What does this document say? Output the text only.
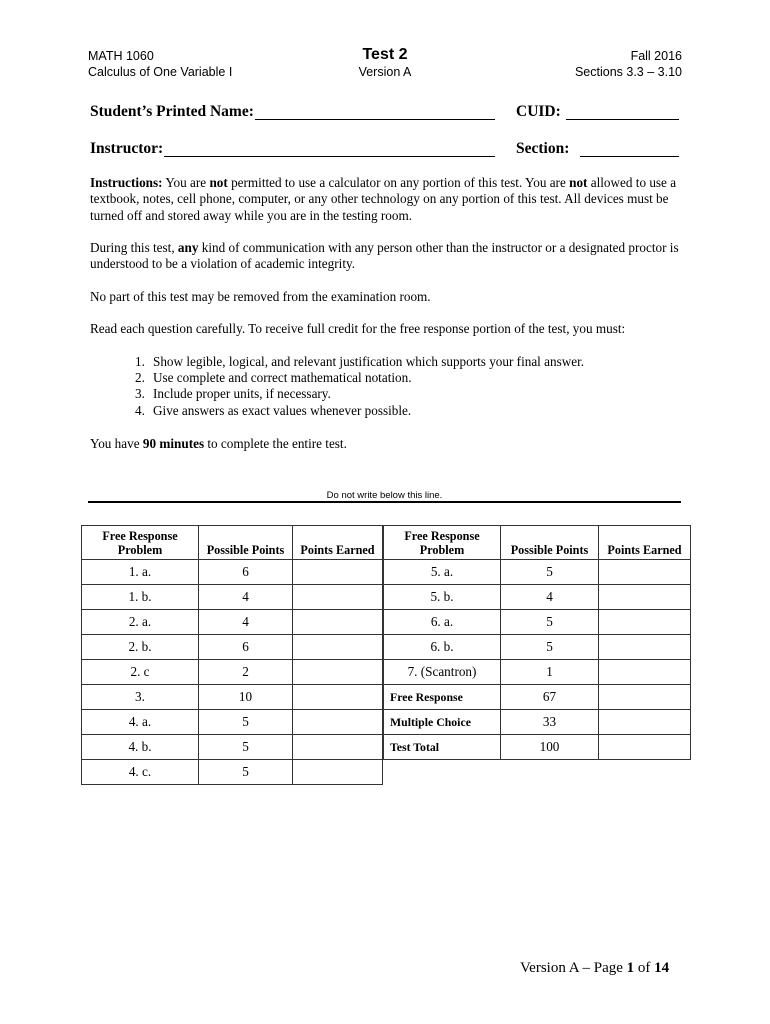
MATH 1060
Calculus of One Variable I
Test 2
Version A
Fall 2016
Sections 3.3 – 3.10
Student’s Printed Name:	CUID:
Instructor:	Section:
Instructions: You are not permitted to use a calculator on any portion of this test. You are not allowed to use a textbook, notes, cell phone, computer, or any other technology on any portion of this test. All devices must be turned off and stored away while you are in the testing room.
During this test, any kind of communication with any person other than the instructor or a designated proctor is understood to be a violation of academic integrity.
No part of this test may be removed from the examination room.
Read each question carefully. To receive full credit for the free response portion of the test, you must:
1. Show legible, logical, and relevant justification which supports your final answer.
2. Use complete and correct mathematical notation.
3. Include proper units, if necessary.
4. Give answers as exact values whenever possible.
You have 90 minutes to complete the entire test.
Do not write below this line.
Free Response Problem	Possible Points	Points Earned
1. a.	6	
1. b.	4	
2. a.	4	
2. b.	6	
2. c	2	
3.	10	
4. a.	5	
4. b.	5	
4. c.	5	
Free Response Problem	Possible Points	Points Earned
5. a.	5	
5. b.	4	
6. a.	5	
6. b.	5	
7. (Scantron)	1	
Free Response	67	
Multiple Choice	33	
Test Total	100	
Version A – Page 1 of 14
